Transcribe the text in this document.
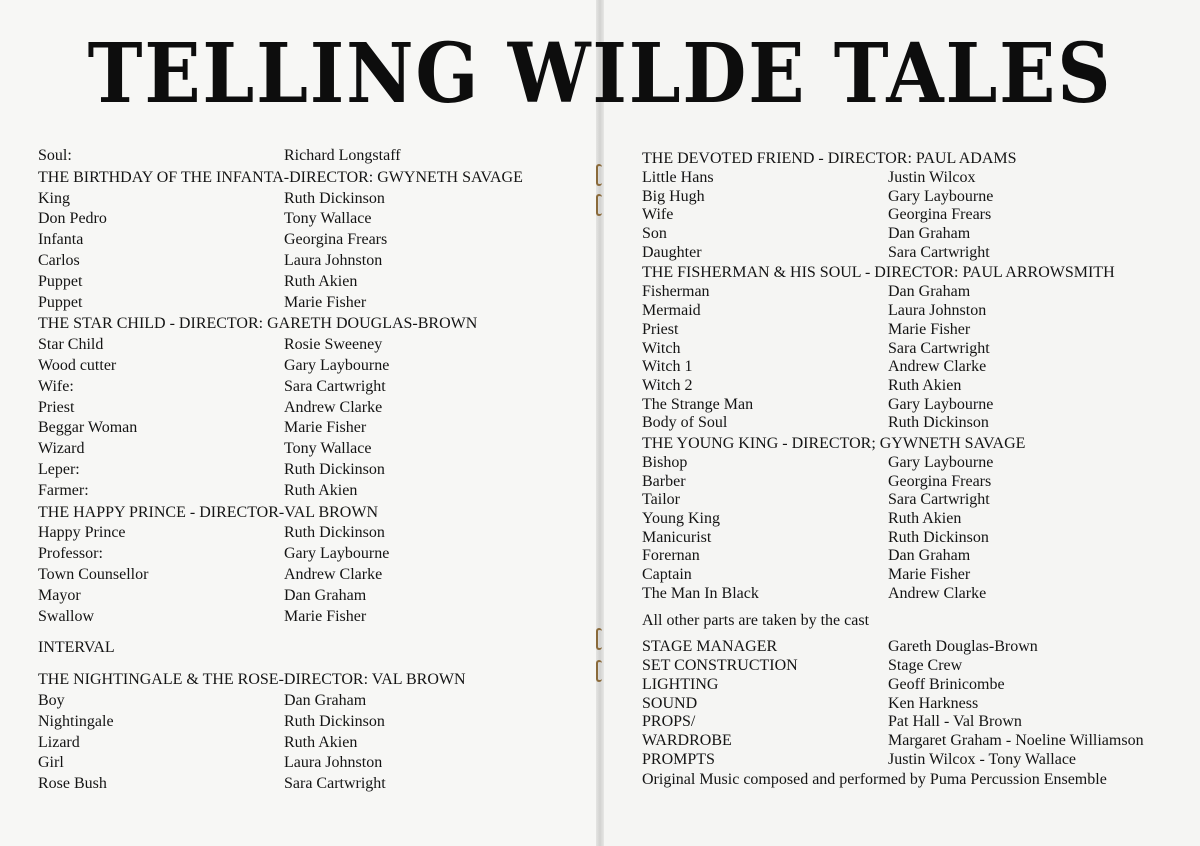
TELLING WILDE TALES
Soul:	Richard Longstaff
THE BIRTHDAY OF THE INFANTA-DIRECTOR: GWYNETH SAVAGE
King	Ruth Dickinson
Don Pedro	Tony Wallace
Infanta	Georgina Frears
Carlos	Laura Johnston
Puppet	Ruth Akien
Puppet	Marie Fisher
THE STAR CHILD - DIRECTOR: GARETH DOUGLAS-BROWN
Star Child	Rosie Sweeney
Wood cutter	Gary Laybourne
Wife:	Sara Cartwright
Priest	Andrew Clarke
Beggar Woman	Marie Fisher
Wizard	Tony Wallace
Leper:	Ruth Dickinson
Farmer:	Ruth Akien
THE HAPPY PRINCE - DIRECTOR-VAL BROWN
Happy Prince	Ruth Dickinson
Professor:	Gary Laybourne
Town Counsellor	Andrew Clarke
Mayor	Dan Graham
Swallow	Marie Fisher
INTERVAL
THE NIGHTINGALE & THE ROSE-DIRECTOR: VAL BROWN
Boy	Dan Graham
Nightingale	Ruth Dickinson
Lizard	Ruth Akien
Girl	Laura Johnston
Rose Bush	Sara Cartwright
THE DEVOTED FRIEND - DIRECTOR: PAUL ADAMS
Little Hans	Justin Wilcox
Big Hugh	Gary Laybourne
Wife	Georgina Frears
Son	Dan Graham
Daughter	Sara Cartwright
THE FISHERMAN & HIS SOUL - DIRECTOR: PAUL ARROWSMITH
Fisherman	Dan Graham
Mermaid	Laura Johnston
Priest	Marie Fisher
Witch	Sara Cartwright
Witch 1	Andrew Clarke
Witch 2	Ruth Akien
The Strange Man	Gary Laybourne
Body of Soul	Ruth Dickinson
THE YOUNG KING - DIRECTOR; GYWNETH SAVAGE
Bishop	Gary Laybourne
Barber	Georgina Frears
Tailor	Sara Cartwright
Young King	Ruth Akien
Manicurist	Ruth Dickinson
Forernan	Dan Graham
Captain	Marie Fisher
The Man In Black	Andrew Clarke
All other parts are taken by the cast
STAGE MANAGER	Gareth Douglas-Brown
SET CONSTRUCTION	Stage Crew
LIGHTING	Geoff Brinicombe
SOUND	Ken Harkness
PROPS/	Pat Hall - Val Brown
WARDROBE	Margaret Graham - Noeline Williamson
PROMPTS	Justin Wilcox - Tony Wallace
Original Music composed and performed by Puma Percussion Ensemble
